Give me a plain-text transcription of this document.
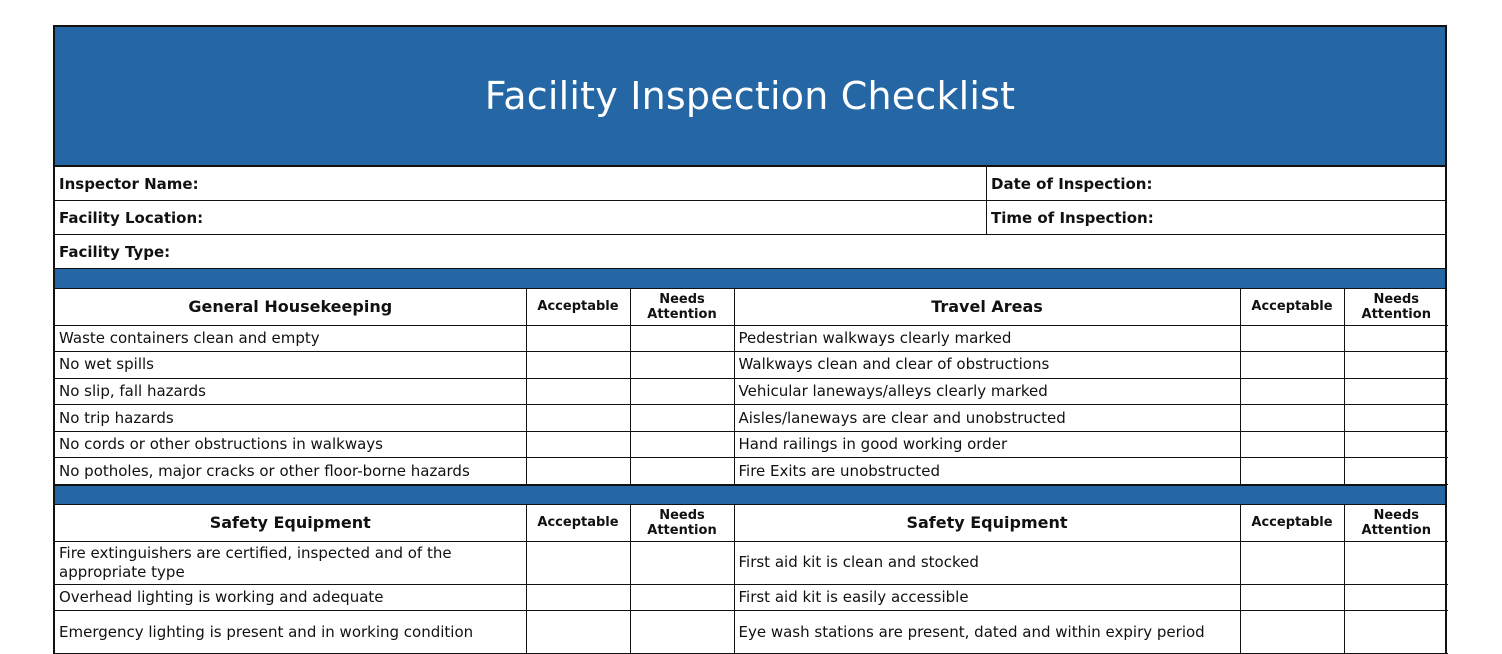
Facility Inspection Checklist
Inspector Name:	Date of Inspection:
Facility Location:	Time of Inspection:
Facility Type:
General Housekeeping	Acceptable	Needs Attention	Travel Areas	Acceptable	Needs Attention
Waste containers clean and empty			Pedestrian walkways clearly marked		
No wet spills			Walkways clean and clear of obstructions		
No slip, fall hazards			Vehicular laneways/alleys clearly marked		
No trip hazards			Aisles/laneways are clear and unobstructed		
No cords or other obstructions in walkways			Hand railings in good working order		
No potholes, major cracks or other floor-borne hazards			Fire Exits are unobstructed		
Safety Equipment	Acceptable	Needs Attention	Safety Equipment	Acceptable	Needs Attention
Fire extinguishers are certified, inspected and of the appropriate type			First aid kit is clean and stocked		
Overhead lighting is working and adequate			First aid kit is easily accessible		
Emergency lighting is present and in working condition			Eye wash stations are present, dated and within expiry period		
